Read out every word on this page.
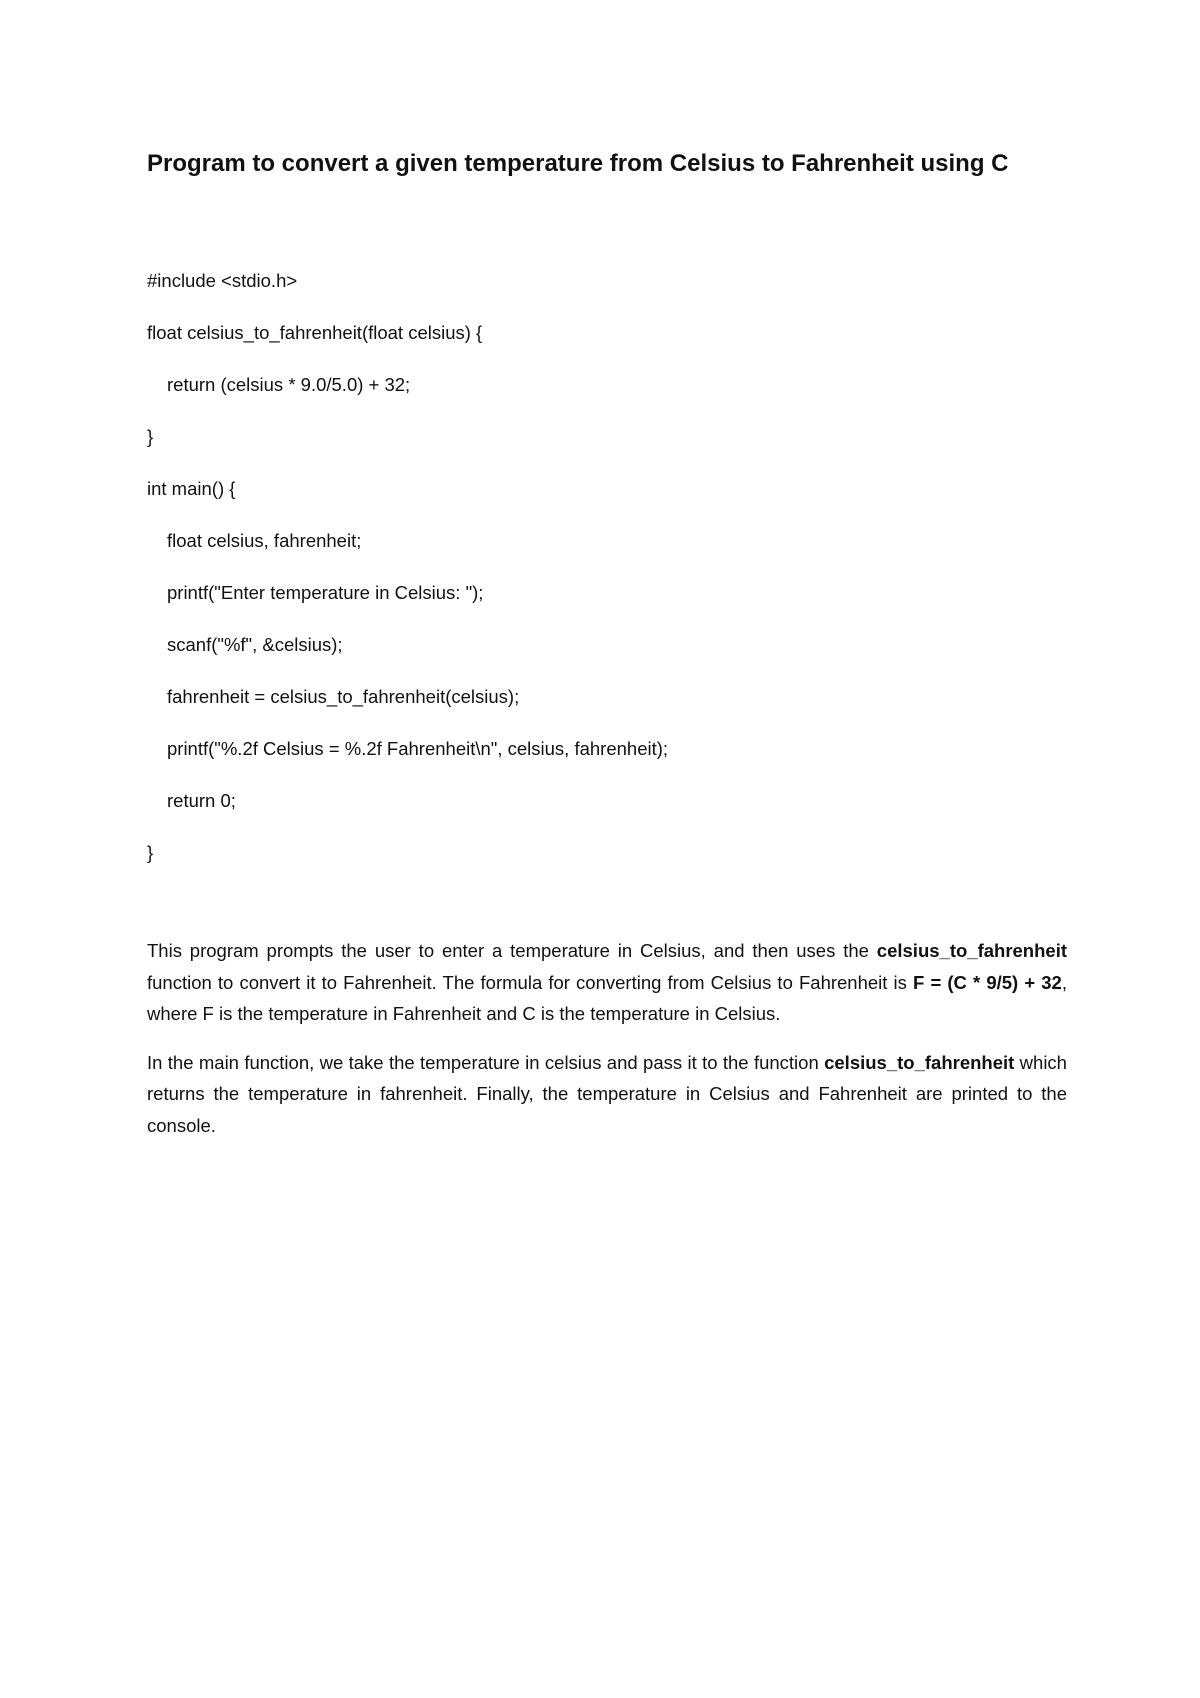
Program to convert a given temperature from Celsius to Fahrenheit using C
#include <stdio.h>
float celsius_to_fahrenheit(float celsius) {
return (celsius * 9.0/5.0) + 32;
}
int main() {
float celsius, fahrenheit;
printf("Enter temperature in Celsius: ");
scanf("%f", &celsius);
fahrenheit = celsius_to_fahrenheit(celsius);
printf("%.2f Celsius = %.2f Fahrenheit\n", celsius, fahrenheit);
return 0;
}

This program prompts the user to enter a temperature in Celsius, and then uses the celsius_to_fahrenheit function to convert it to Fahrenheit. The formula for converting from Celsius to Fahrenheit is F = (C * 9/5) + 32, where F is the temperature in Fahrenheit and C is the temperature in Celsius.

In the main function, we take the temperature in celsius and pass it to the function celsius_to_fahrenheit which returns the temperature in fahrenheit. Finally, the temperature in Celsius and Fahrenheit are printed to the console.
